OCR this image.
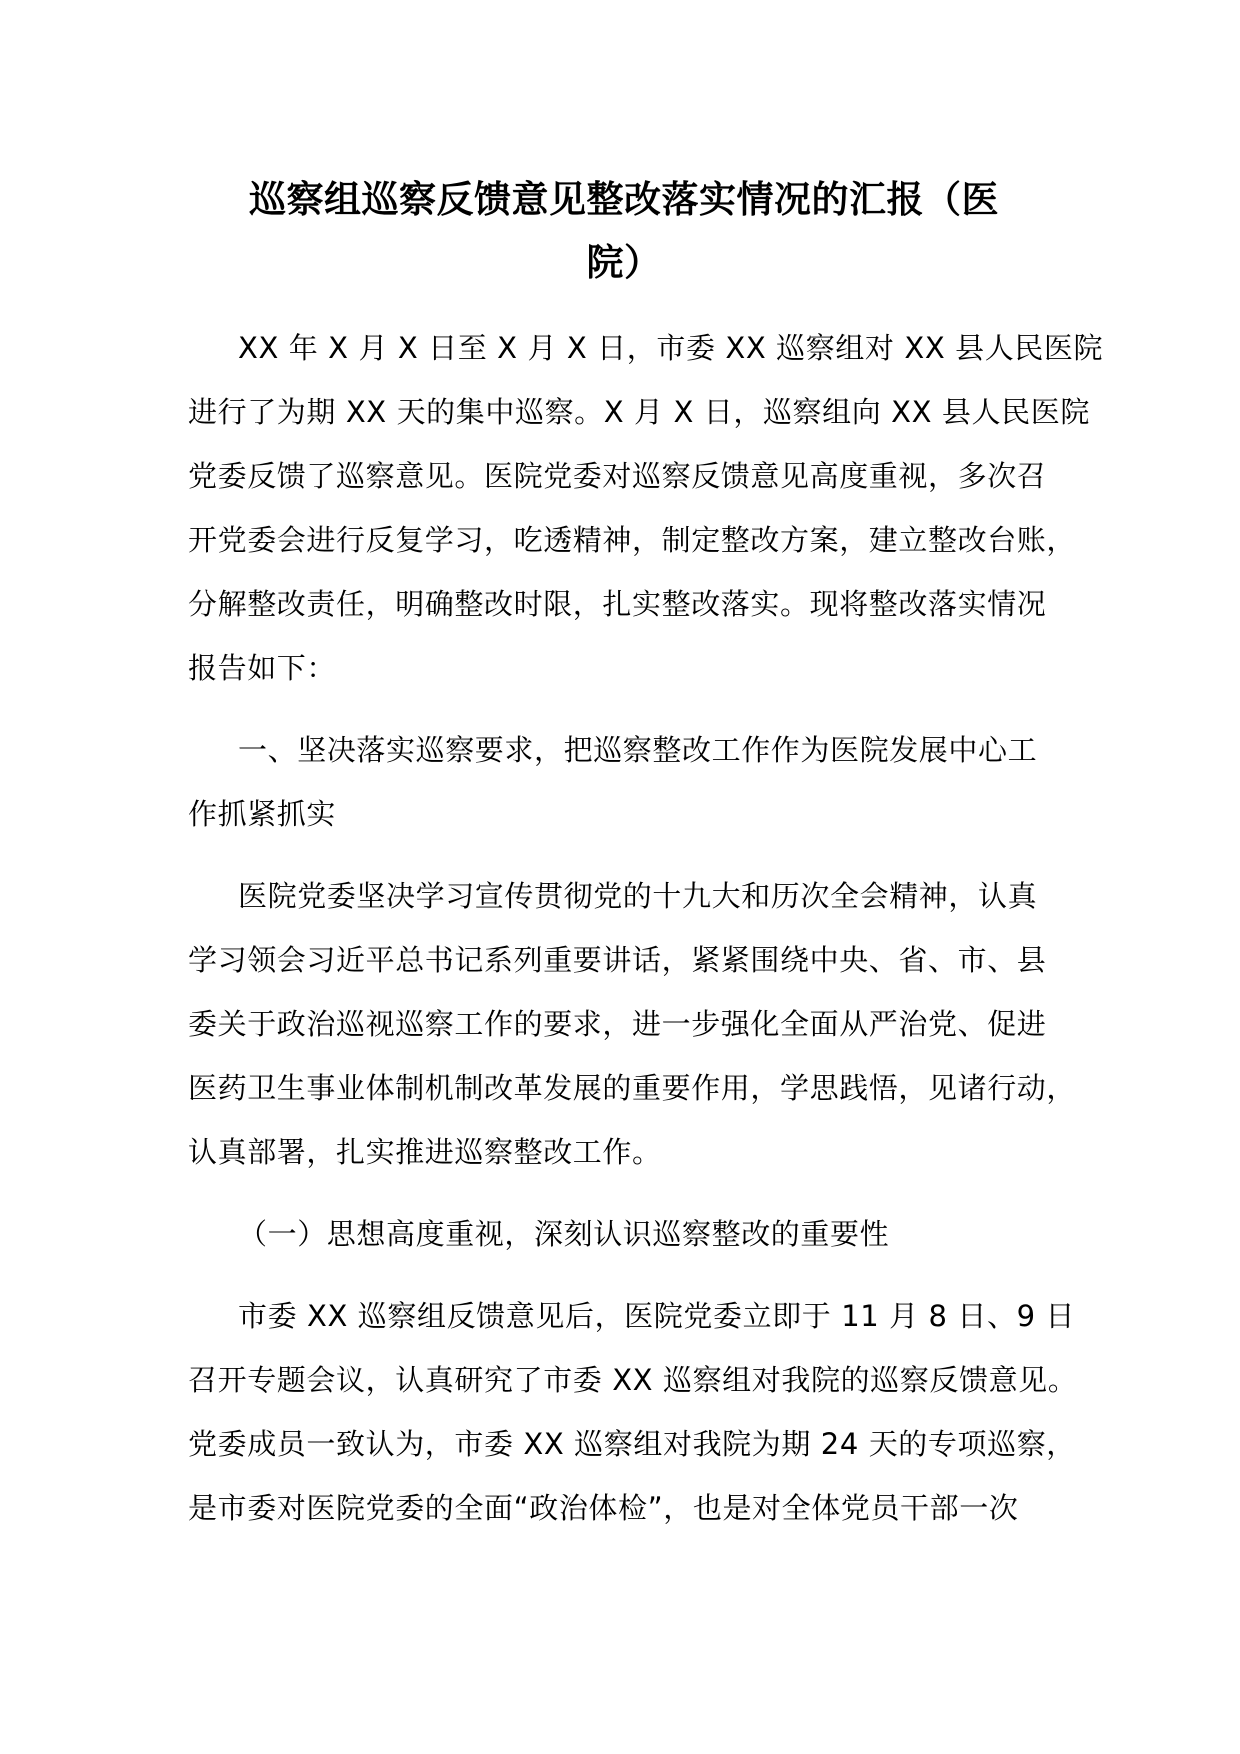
巡察组巡察反馈意见整改落实情况的汇报（医
院）

XX 年 X 月 X 日至 X 月 X 日，市委 XX 巡察组对 XX 县人民医院
进行了为期 XX 天的集中巡察。X 月 X 日，巡察组向 XX 县人民医院
党委反馈了巡察意见。医院党委对巡察反馈意见高度重视，多次召
开党委会进行反复学习，吃透精神，制定整改方案，建立整改台账，
分解整改责任，明确整改时限，扎实整改落实。现将整改落实情况
报告如下：

一、坚决落实巡察要求，把巡察整改工作作为医院发展中心工
作抓紧抓实

医院党委坚决学习宣传贯彻党的十九大和历次全会精神，认真
学习领会习近平总书记系列重要讲话，紧紧围绕中央、省、市、县
委关于政治巡视巡察工作的要求，进一步强化全面从严治党、促进
医药卫生事业体制机制改革发展的重要作用，学思践悟，见诸行动，
认真部署，扎实推进巡察整改工作。

（一）思想高度重视，深刻认识巡察整改的重要性

市委 XX 巡察组反馈意见后，医院党委立即于 11 月 8 日、9 日
召开专题会议，认真研究了市委 XX 巡察组对我院的巡察反馈意见。
党委成员一致认为，市委 XX 巡察组对我院为期 24 天的专项巡察，
是市委对医院党委的全面“政治体检”，也是对全体党员干部一次
